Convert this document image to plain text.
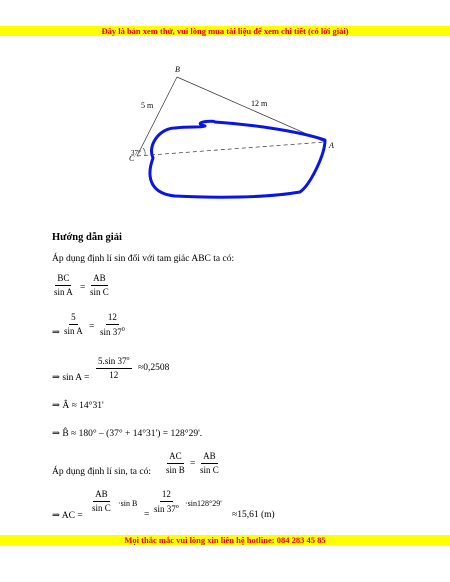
Đây là bản xem thử, vui lòng mua tài liệu để xem chi tiết (có lời giải)
B
A
C
5 m	12 m
37°
Hướng dẫn giải
Áp dụng định lí sin đối với tam giác ABC ta có:
$\frac{BC}{\text{sin A}} = \frac{AB}{\text{sin C}}$
⇒ $\frac{5}{\text{sin A}} = \frac{12}{\sin 37^0}$
⇒ $\sin A = \frac{5.\sin 37^o}{12} \approx 0,2508$
⇒ Â ≈ 14°31'
⇒ B̂ ≈ 180° – (37° + 14°31') = 128°29'.
Áp dụng định lí sin, ta có: $\frac{AC}{\text{sin B}} = \frac{AB}{\text{sin C}}$
⇒ AC =
$\frac{AB}{\text{sin C}} \cdot\sin$ B
=
$\frac{12}{\sin 37^o} \cdot\sin 128^\circ 29'$
≈15,61 (m)
Mọi thắc mắc vui lòng xin liên hệ hotline: 084 283 45 85
